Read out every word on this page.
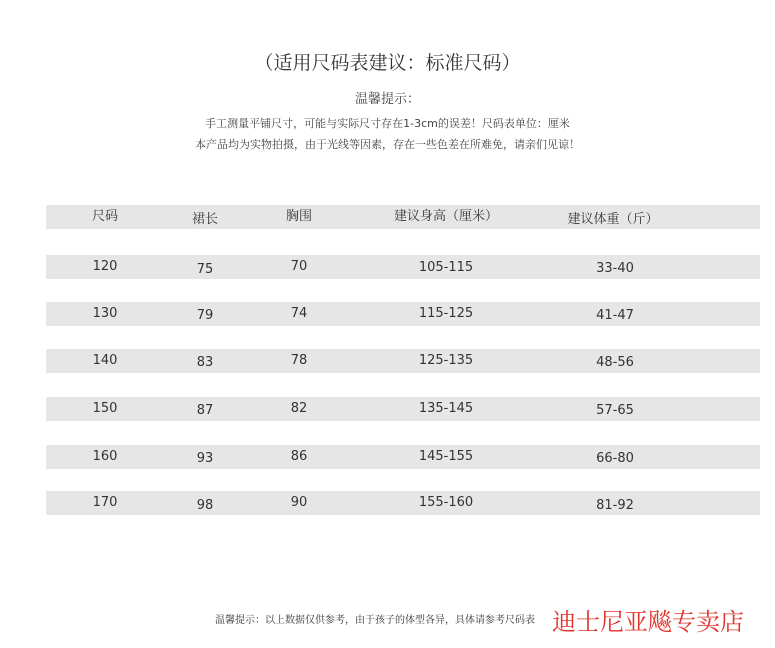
（适用尺码表建议：标准尺码）
温馨提示：
手工测量平铺尺寸，可能与实际尺寸存在1-3cm的误差！尺码表单位：厘米
本产品均为实物拍摄，由于光线等因素，存在一些色差在所难免，请亲们见谅！
尺码	裙长	胸围	建议身高（厘米）	建议体重（斤）
120	75	70	105-115	33-40
130	79	74	115-125	41-47
140	83	78	125-135	48-56
150	87	82	135-145	57-65
160	93	86	145-155	66-80
170	98	90	155-160	81-92
温馨提示：以上数据仅供参考，由于孩子的体型各异，具体请参考尺码表 迪士尼亚飚专卖店
